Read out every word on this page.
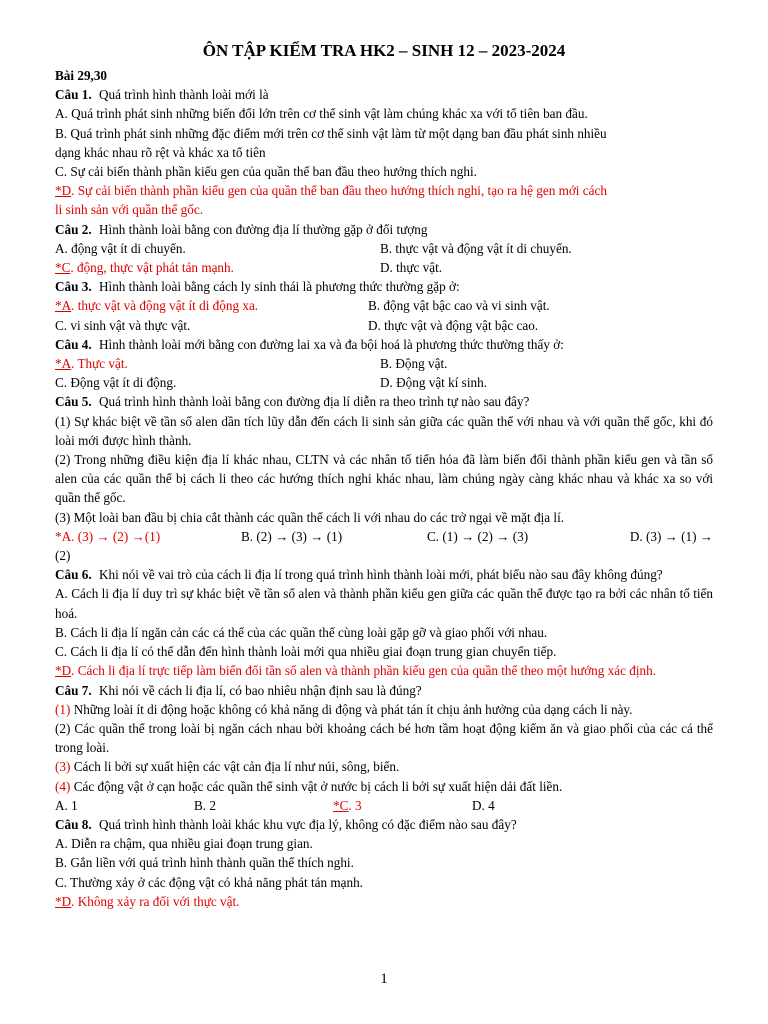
ÔN TẬP KIỂM TRA HK2 – SINH 12 – 2023-2024
Bài 29,30
Câu 1. Quá trình hình thành loài mới là
A. Quá trình phát sinh những biến đổi lớn trên cơ thể sinh vật làm chúng khác xa với tổ tiên ban đầu.
B. Quá trình phát sinh những đặc điểm mới trên cơ thể sinh vật làm từ một dạng ban đầu phát sinh nhiều
dạng khác nhau rõ rệt và khác xa tổ tiên
C. Sự cải biến thành phần kiểu gen của quần thể ban đầu theo hướng thích nghi.
*D. Sự cải biến thành phần kiểu gen của quần thể ban đầu theo hướng thích nghi, tạo ra hệ gen mới cách
li sinh sản với quần thể gốc.
Câu 2. Hình thành loài bằng con đường địa lí thường gặp ở đối tượng
A. động vật ít di chuyển.	B. thực vật và động vật ít di chuyển.
*C. động, thực vật phát tán mạnh.	D. thực vật.
Câu 3. Hình thành loài bằng cách ly sinh thái là phương thức thường gặp ở:
*A. thực vật và động vật ít di động xa.	B. động vật bậc cao và vi sinh vật.
C. vi sinh vật và thực vật.	D. thực vật và động vật bậc cao.
Câu 4. Hình thành loài mới bằng con đường lai xa và đa bội hoá là phương thức thường thấy ở:
*A. Thực vật.	B. Động vật.
C. Động vật ít di động.	D. Động vật kí sinh.
Câu 5. Quá trình hình thành loài bằng con đường địa lí diễn ra theo trình tự nào sau đây?
(1) Sự khác biệt về tần số alen dần tích lũy dẫn đến cách li sinh sản giữa các quần thể với nhau và với quần thể gốc, khi đó loài mới được hình thành.
(2) Trong những điều kiện địa lí khác nhau, CLTN và các nhân tố tiến hóa đã làm biến đổi thành phần kiểu gen và tần số alen của các quần thể bị cách li theo các hướng thích nghi khác nhau, làm chúng ngày càng khác nhau và khác xa so với quần thể gốc.
(3) Một loài ban đầu bị chia cắt thành các quần thể cách li với nhau do các trở ngại về mặt địa lí.
*A. (3) → (2) →(1)	B. (2) → (3) → (1)	C. (1) → (2) → (3)	D. (3) → (1) →
(2)
Câu 6. Khi nói về vai trò của cách li địa lí trong quá trình hình thành loài mới, phát biểu nào sau đây không đúng?
A. Cách li địa lí duy trì sự khác biệt về tần số alen và thành phần kiểu gen giữa các quần thể được tạo ra bởi các nhân tố tiến hoá.
B. Cách li địa lí ngăn cản các cá thể của các quần thể cùng loài gặp gỡ và giao phối với nhau.
C. Cách li địa lí có thể dẫn đến hình thành loài mới qua nhiều giai đoạn trung gian chuyển tiếp.
*D. Cách li địa lí trực tiếp làm biến đổi tần số alen và thành phần kiểu gen của quần thể theo một hướng xác định.
Câu 7. Khi nói về cách li địa lí, có bao nhiêu nhận định sau là đúng?
(1) Những loài ít di động hoặc không có khả năng di động và phát tán ít chịu ảnh hưởng của dạng cách li này.
(2) Các quần thể trong loài bị ngăn cách nhau bởi khoảng cách bé hơn tầm hoạt động kiếm ăn và giao phối của các cá thể trong loài.
(3) Cách li bởi sự xuất hiện các vật cản địa lí như núi, sông, biển.
(4) Các động vật ở cạn hoặc các quần thể sinh vật ở nước bị cách li bởi sự xuất hiện dải đất liền.
A. 1	B. 2	*C. 3	D. 4
Câu 8. Quá trình hình thành loài khác khu vực địa lý, không có đặc điểm nào sau đây?
A. Diễn ra chậm, qua nhiều giai đoạn trung gian.
B. Gắn liền với quá trình hình thành quần thể thích nghi.
C. Thường xảy ở các động vật có khả năng phát tán mạnh.
*D. Không xảy ra đối với thực vật.
1
